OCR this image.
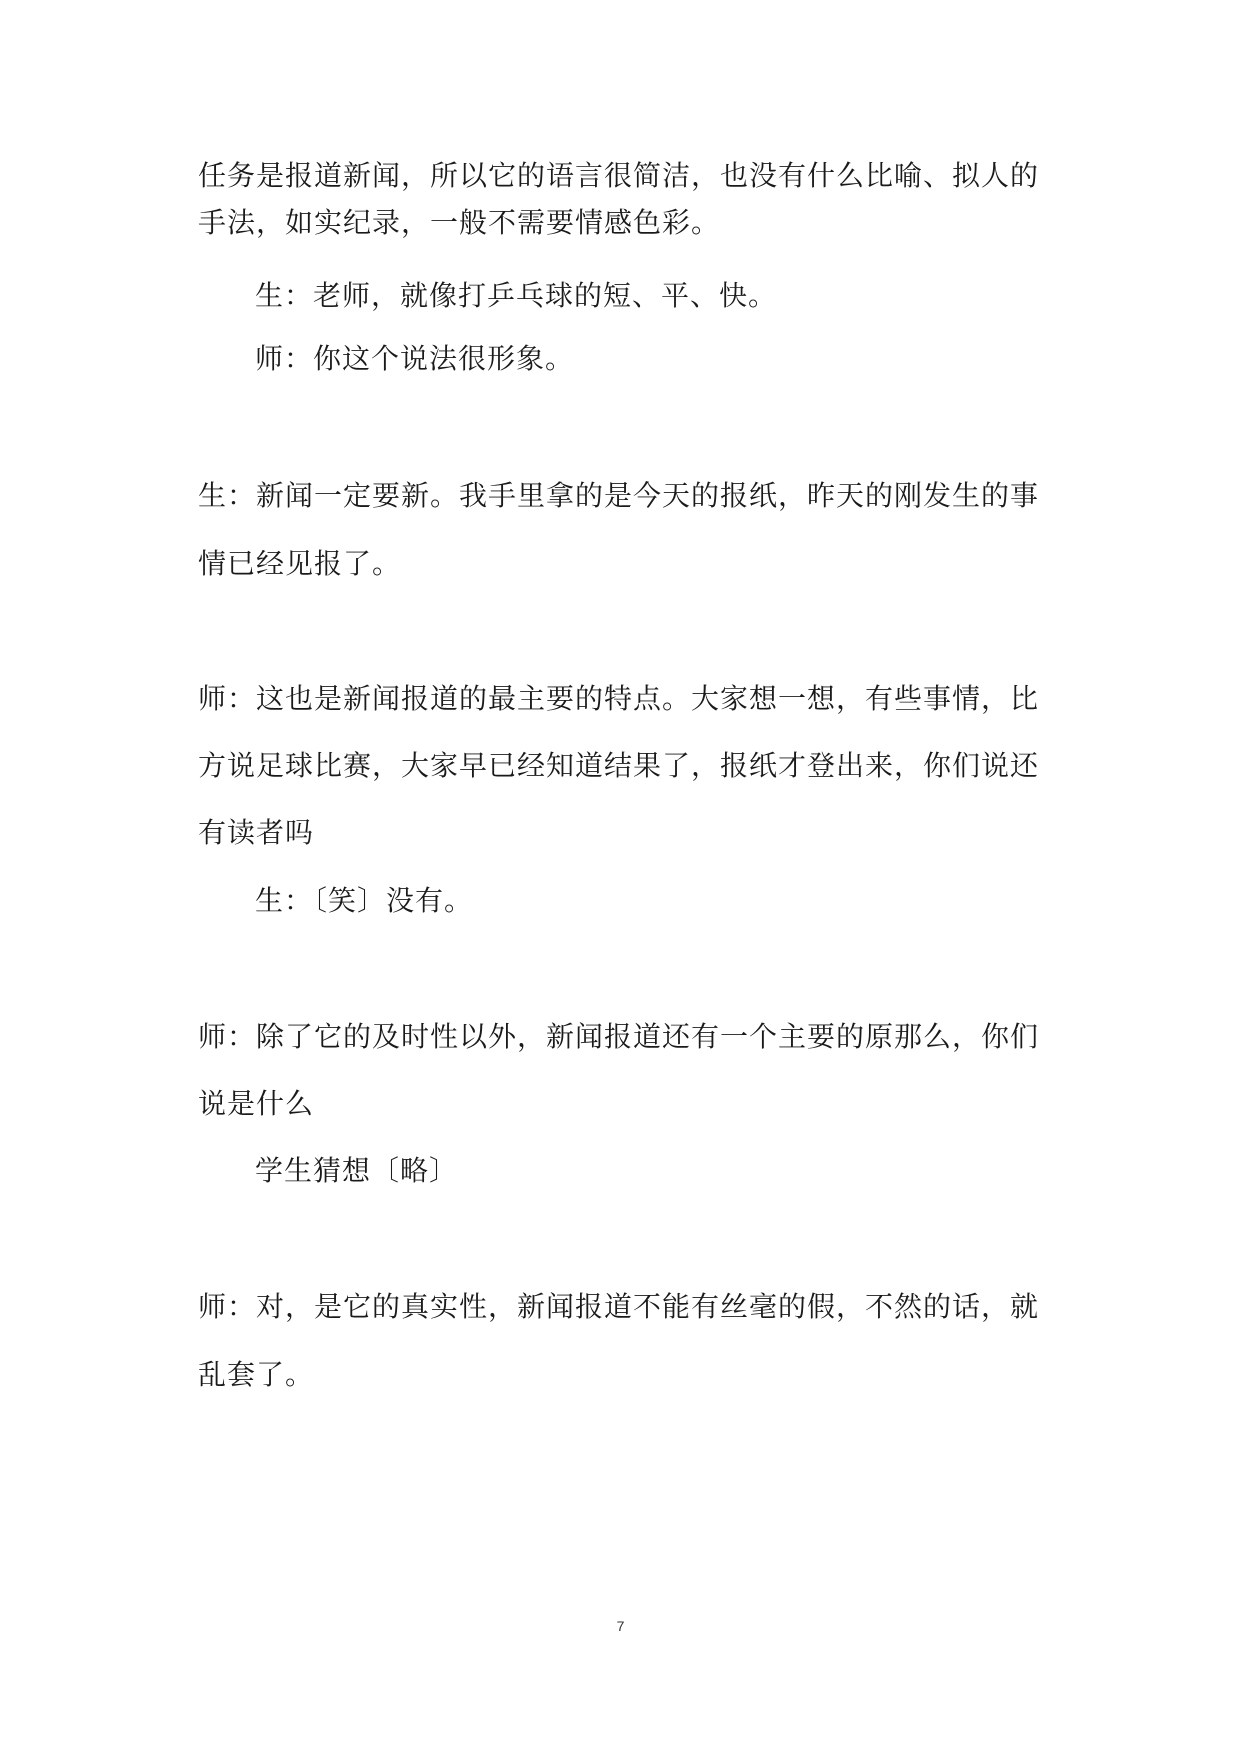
任务是报道新闻，所以它的语言很简洁，也没有什么比喻、拟人的
手法，如实纪录，一般不需要情感色彩。
生：老师，就像打乒乓球的短、平、快。
师：你这个说法很形象。
生：新闻一定要新。我手里拿的是今天的报纸，昨天的刚发生的事
情已经见报了。
师：这也是新闻报道的最主要的特点。大家想一想，有些事情，比
方说足球比赛，大家早已经知道结果了，报纸才登出来，你们说还
有读者吗
生：〔笑〕没有。
师：除了它的及时性以外，新闻报道还有一个主要的原那么，你们
说是什么
学生猜想〔略〕
师：对，是它的真实性，新闻报道不能有丝毫的假，不然的话，就
乱套了。
7
